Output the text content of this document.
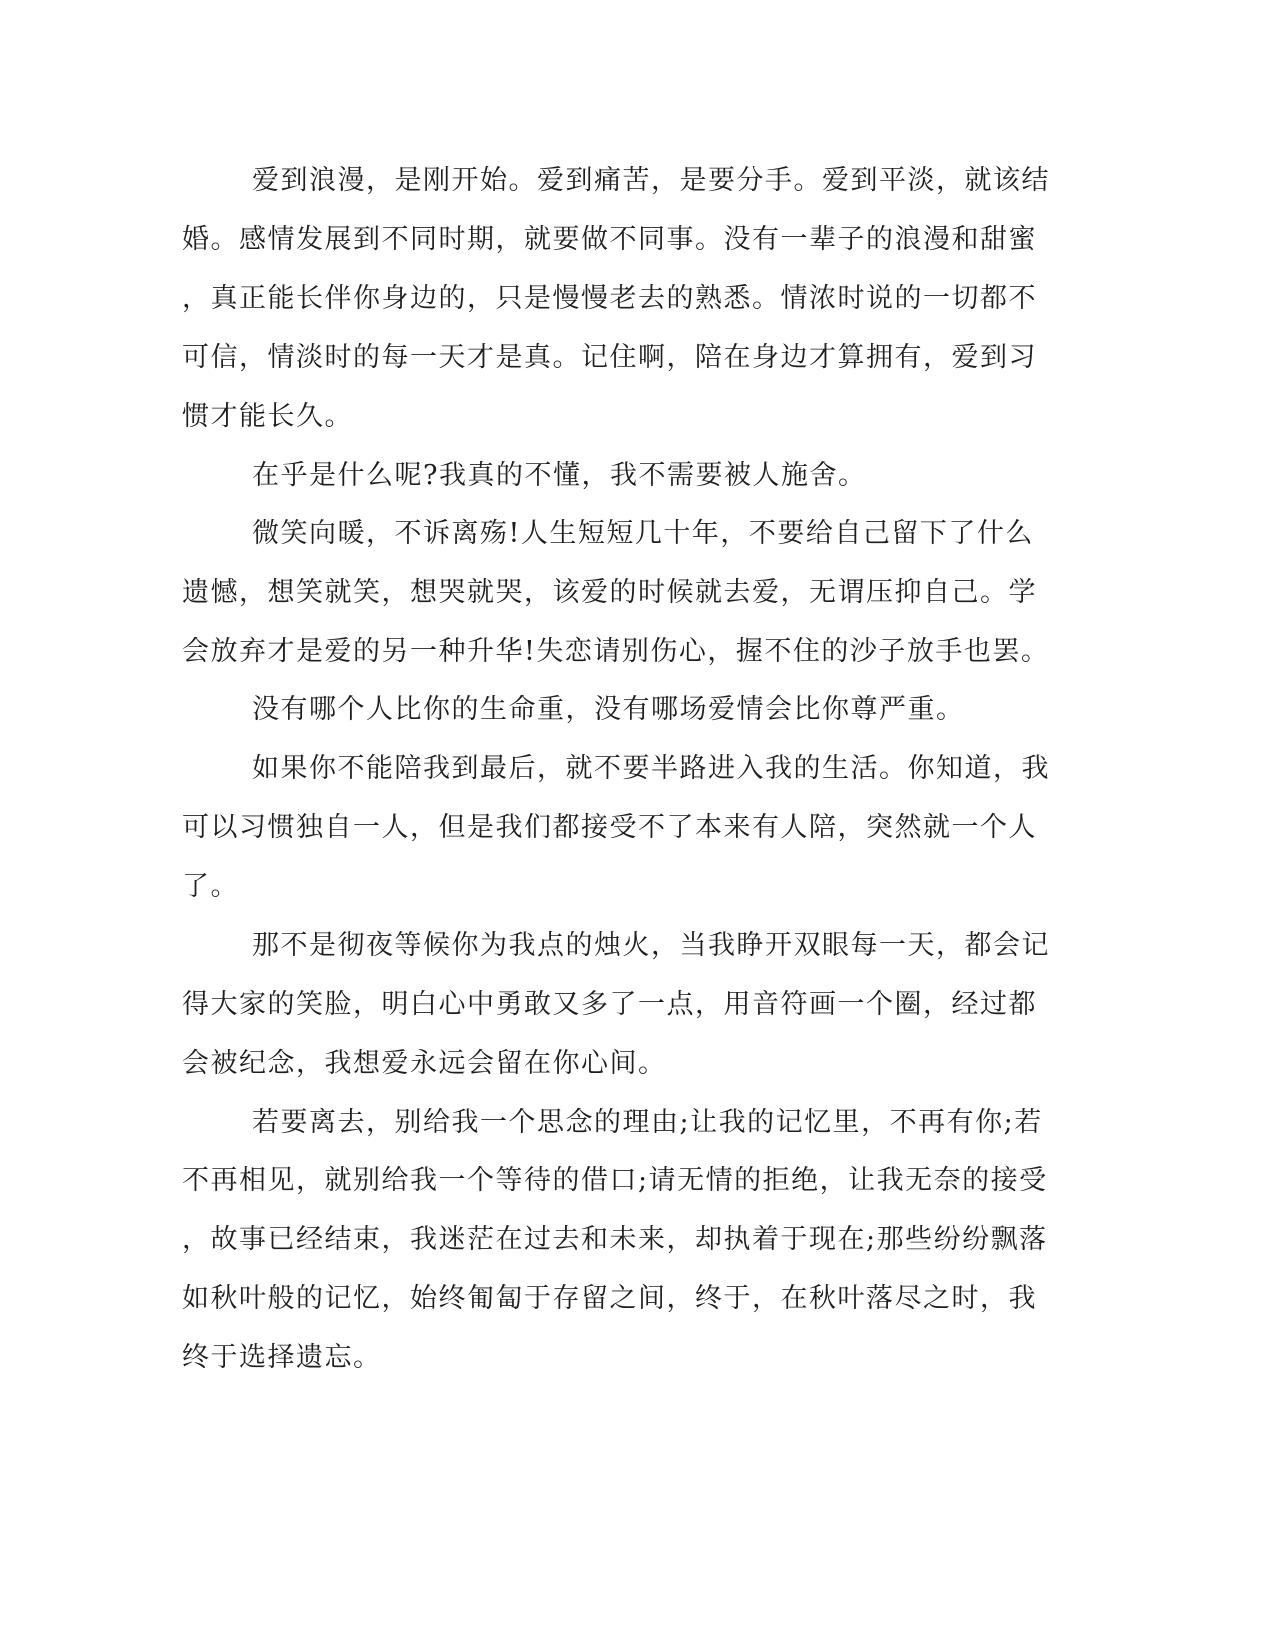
爱到浪漫，是刚开始。爱到痛苦，是要分手。爱到平淡，就该结
婚。感情发展到不同时期，就要做不同事。没有一辈子的浪漫和甜蜜
，真正能长伴你身边的，只是慢慢老去的熟悉。情浓时说的一切都不
可信，情淡时的每一天才是真。记住啊，陪在身边才算拥有，爱到习
惯才能长久。
在乎是什么呢?我真的不懂，我不需要被人施舍。
微笑向暖，不诉离殇!人生短短几十年，不要给自己留下了什么
遗憾，想笑就笑，想哭就哭，该爱的时候就去爱，无谓压抑自己。学
会放弃才是爱的另一种升华!失恋请别伤心，握不住的沙子放手也罢。
没有哪个人比你的生命重，没有哪场爱情会比你尊严重。
如果你不能陪我到最后，就不要半路进入我的生活。你知道，我
可以习惯独自一人，但是我们都接受不了本来有人陪，突然就一个人
了。
那不是彻夜等候你为我点的烛火，当我睁开双眼每一天，都会记
得大家的笑脸，明白心中勇敢又多了一点，用音符画一个圈，经过都
会被纪念，我想爱永远会留在你心间。
若要离去，别给我一个思念的理由;让我的记忆里，不再有你;若
不再相见，就别给我一个等待的借口;请无情的拒绝，让我无奈的接受
，故事已经结束，我迷茫在过去和未来，却执着于现在;那些纷纷飘落
如秋叶般的记忆，始终匍匐于存留之间，终于，在秋叶落尽之时，我
终于选择遗忘。
